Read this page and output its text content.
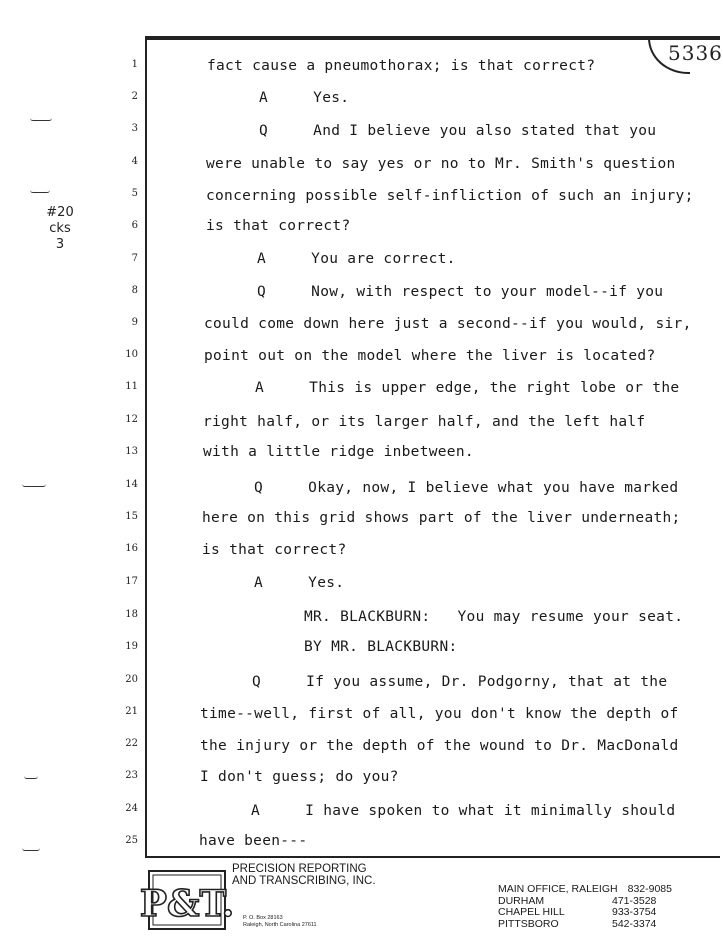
5336
#20
cks
3
1
2
3
4
5
6
7
8
9
10
11
12
13
14
15
16
17
18
19
20
21
22
23
24
25
fact cause a pneumothorax; is that correct?
A     Yes.
Q     And I believe you also stated that you
were unable to say yes or no to Mr. Smith's question
concerning possible self-infliction of such an injury;
is that correct?
A     You are correct.
Q     Now, with respect to your model--if you
could come down here just a second--if you would, sir,
point out on the model where the liver is located?
A     This is upper edge, the right lobe or the
right half, or its larger half, and the left half
with a little ridge inbetween.
Q     Okay, now, I believe what you have marked
here on this grid shows part of the liver underneath;
is that correct?
A     Yes.
MR. BLACKBURN:   You may resume your seat.
BY MR. BLACKBURN:
Q     If you assume, Dr. Podgorny, that at the
time--well, first of all, you don't know the depth of
the injury or the depth of the wound to Dr. MacDonald
I don't guess; do you?
A     I have spoken to what it minimally should
have been---
P&T.
PRECISION REPORTING
AND TRANSCRIBING, INC.
P. O. Box 28163
Raleigh, North Carolina 27611
MAIN OFFICE, RALEIGH 832-9085
DURHAM	471-3528
CHAPEL HILL	933-3754
PITTSBORO	542-3374
